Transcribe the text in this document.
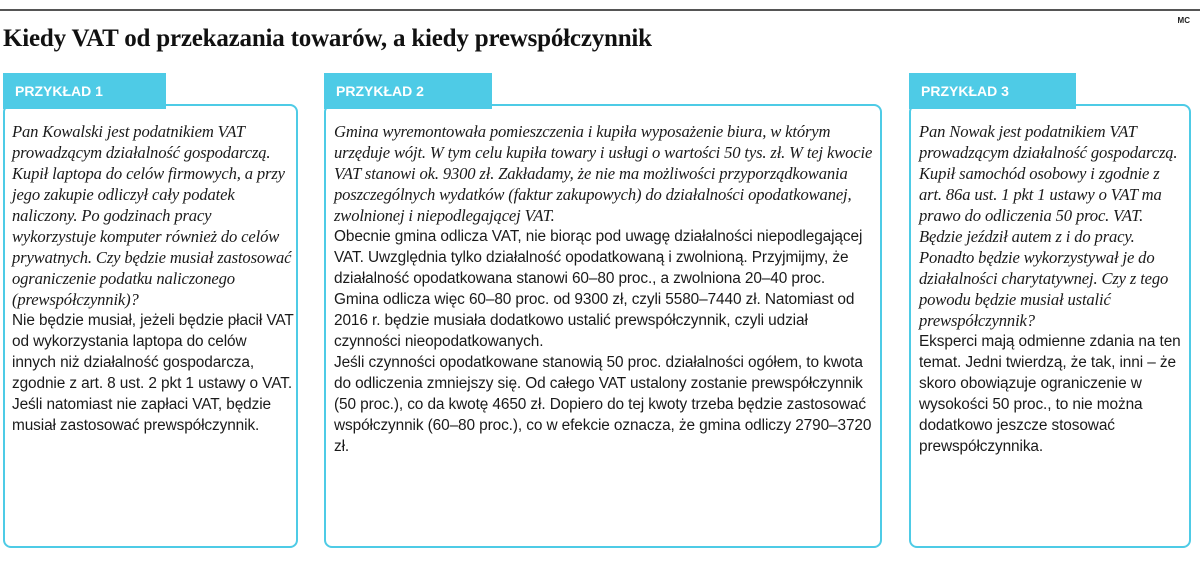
MC
Kiedy VAT od przekazania towarów, a kiedy prewspółczynnik
PRZYKŁAD 1

Pan Kowalski jest podatnikiem VAT prowadzącym działalność gospodarczą. Kupił laptopa do celów firmowych, a przy jego zakupie odliczył cały podatek naliczony. Po godzinach pracy wykorzystuje komputer również do celów prywatnych. Czy będzie musiał zastosować ograniczenie podatku naliczonego (prewspółczynnik)?

Nie będzie musiał, jeżeli będzie płacił VAT od wykorzystania laptopa do celów innych niż działalność gospodarcza, zgodnie z art. 8 ust. 2 pkt 1 ustawy o VAT. Jeśli natomiast nie zapłaci VAT, będzie musiał zastosować prewspółczynnik.

PRZYKŁAD 2

Gmina wyremontowała pomieszczenia i kupiła wyposażenie biura, w którym urzęduje wójt. W tym celu kupiła towary i usługi o wartości 50 tys. zł. W tej kwocie VAT stanowi ok. 9300 zł. Zakładamy, że nie ma możliwości przyporządkowania poszczególnych wydatków (faktur zakupowych) do działalności opodatkowanej, zwolnionej i niepodlegającej VAT.

Obecnie gmina odlicza VAT, nie biorąc pod uwagę działalności niepodlegającej VAT. Uwzględnia tylko działalność opodatkowaną i zwolnioną. Przyjmijmy, że działalność opodatkowana stanowi 60–80 proc., a zwolniona 20–40 proc. Gmina odlicza więc 60–80 proc. od 9300 zł, czyli 5580–7440 zł. Natomiast od 2016 r. będzie musiała dodatkowo ustalić prewspółczynnik, czyli udział czynności nieopodatkowanych.

Jeśli czynności opodatkowane stanowią 50 proc. działalności ogółem, to kwota do odliczenia zmniejszy się. Od całego VAT ustalony zostanie prewspółczynnik (50 proc.), co da kwotę 4650 zł. Dopiero do tej kwoty trzeba będzie zastosować współczynnik (60–80 proc.), co w efekcie oznacza, że gmina odliczy 2790–3720 zł.

PRZYKŁAD 3

Pan Nowak jest podatnikiem VAT prowadzącym działalność gospodarczą. Kupił samochód osobowy i zgodnie z art. 86a ust. 1 pkt 1 ustawy o VAT ma prawo do odliczenia 50 proc. VAT. Będzie jeździł autem z i do pracy. Ponadto będzie wykorzystywał je do działalności charytatywnej. Czy z tego powodu będzie musiał ustalić prewspółczynnik?

Eksperci mają odmienne zdania na ten temat. Jedni twierdzą, że tak, inni – że skoro obowiązuje ograniczenie w wysokości 50 proc., to nie można dodatkowo jeszcze stosować prewspółczynnika.
